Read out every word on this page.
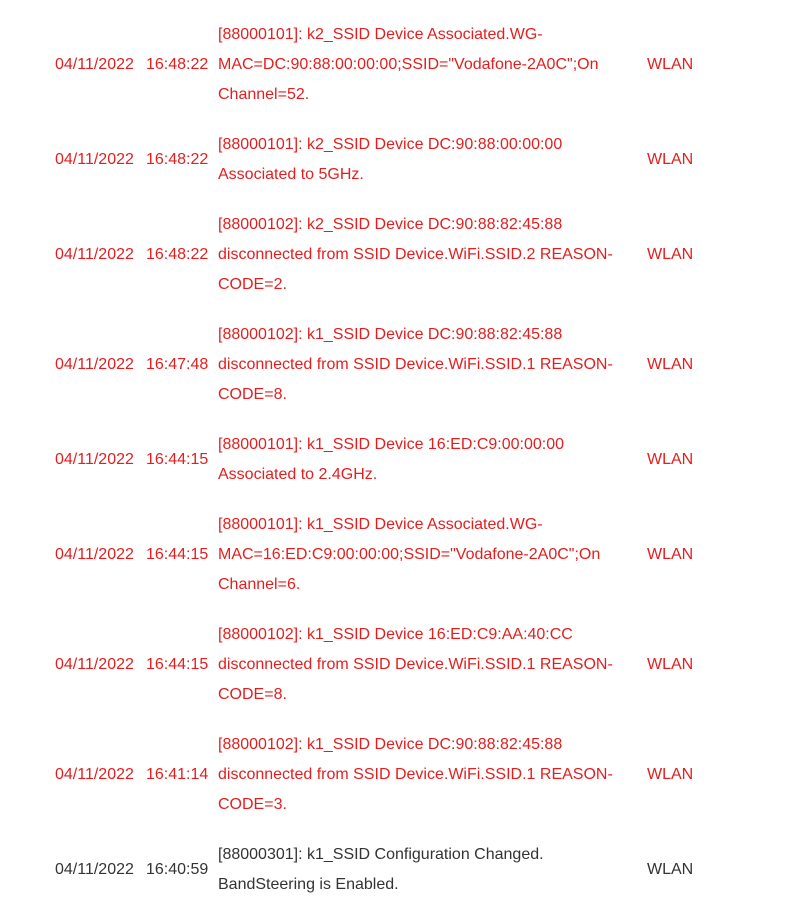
04/11/2022 16:48:22
[88000101]: k2_SSID Device Associated.WG-
MAC=DC:90:88:00:00:00;SSID="Vodafone-2A0C";On
Channel=52.
WLAN
04/11/2022 16:48:22
[88000101]: k2_SSID Device DC:90:88:00:00:00
Associated to 5GHz.
WLAN
04/11/2022 16:48:22
[88000102]: k2_SSID Device DC:90:88:82:45:88
disconnected from SSID Device.WiFi.SSID.2 REASON-
CODE=2.
WLAN
04/11/2022 16:47:48
[88000102]: k1_SSID Device DC:90:88:82:45:88
disconnected from SSID Device.WiFi.SSID.1 REASON-
CODE=8.
WLAN
04/11/2022 16:44:15
[88000101]: k1_SSID Device 16:ED:C9:00:00:00
Associated to 2.4GHz.
WLAN
04/11/2022 16:44:15
[88000101]: k1_SSID Device Associated.WG-
MAC=16:ED:C9:00:00:00;SSID="Vodafone-2A0C";On
Channel=6.
WLAN
04/11/2022 16:44:15
[88000102]: k1_SSID Device 16:ED:C9:AA:40:CC
disconnected from SSID Device.WiFi.SSID.1 REASON-
CODE=8.
WLAN
04/11/2022 16:41:14
[88000102]: k1_SSID Device DC:90:88:82:45:88
disconnected from SSID Device.WiFi.SSID.1 REASON-
CODE=3.
WLAN
04/11/2022 16:40:59
[88000301]: k1_SSID Configuration Changed.
BandSteering is Enabled.
WLAN
